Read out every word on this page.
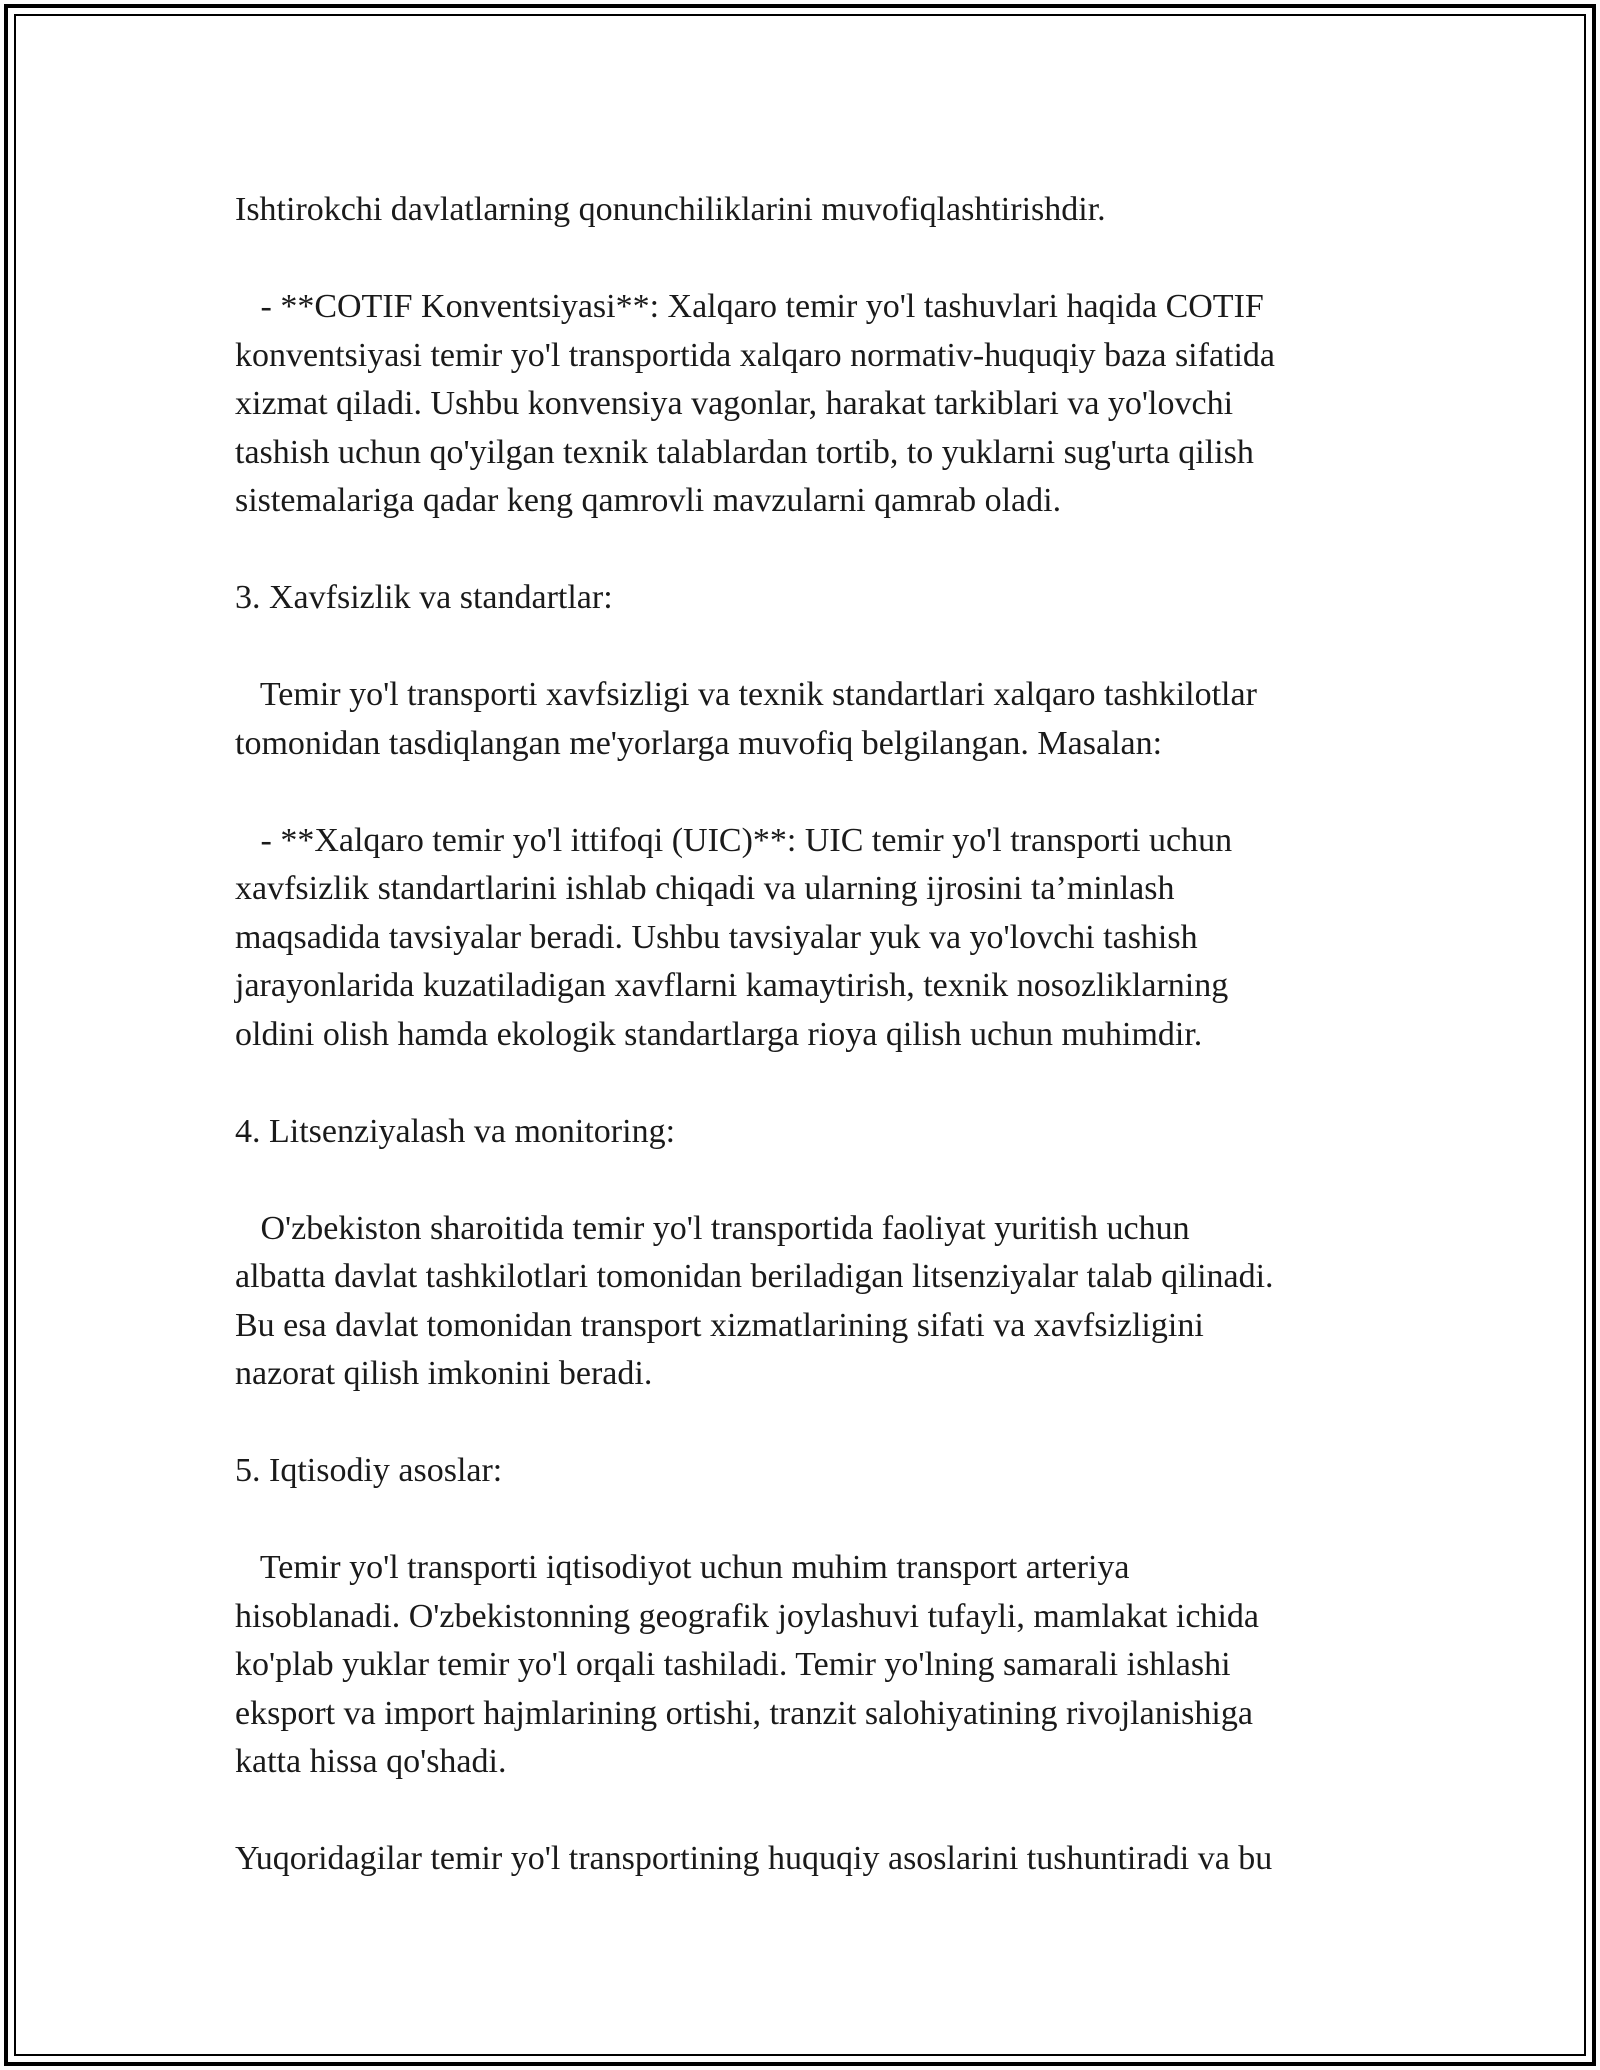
Ishtirokchi davlatlarning qonunchiliklarini muvofiqlashtirishdir.
- **COTIF Konventsiyasi**: Xalqaro temir yo'l tashuvlari haqida COTIF
konventsiyasi temir yo'l transportida xalqaro normativ-huquqiy baza sifatida
xizmat qiladi. Ushbu konvensiya vagonlar, harakat tarkiblari va yo'lovchi
tashish uchun qo'yilgan texnik talablardan tortib, to yuklarni sug'urta qilish
sistemalariga qadar keng qamrovli mavzularni qamrab oladi.
3. Xavfsizlik va standartlar:
Temir yo'l transporti xavfsizligi va texnik standartlari xalqaro tashkilotlar
tomonidan tasdiqlangan me'yorlarga muvofiq belgilangan. Masalan:
- **Xalqaro temir yo'l ittifoqi (UIC)**: UIC temir yo'l transporti uchun
xavfsizlik standartlarini ishlab chiqadi va ularning ijrosini ta’minlash
maqsadida tavsiyalar beradi. Ushbu tavsiyalar yuk va yo'lovchi tashish
jarayonlarida kuzatiladigan xavflarni kamaytirish, texnik nosozliklarning
oldini olish hamda ekologik standartlarga rioya qilish uchun muhimdir.
4. Litsenziyalash va monitoring:
O'zbekiston sharoitida temir yo'l transportida faoliyat yuritish uchun
albatta davlat tashkilotlari tomonidan beriladigan litsenziyalar talab qilinadi.
Bu esa davlat tomonidan transport xizmatlarining sifati va xavfsizligini
nazorat qilish imkonini beradi.
5. Iqtisodiy asoslar:
Temir yo'l transporti iqtisodiyot uchun muhim transport arteriya
hisoblanadi. O'zbekistonning geografik joylashuvi tufayli, mamlakat ichida
ko'plab yuklar temir yo'l orqali tashiladi. Temir yo'lning samarali ishlashi
eksport va import hajmlarining ortishi, tranzit salohiyatining rivojlanishiga
katta hissa qo'shadi.
Yuqoridagilar temir yo'l transportining huquqiy asoslarini tushuntiradi va bu
